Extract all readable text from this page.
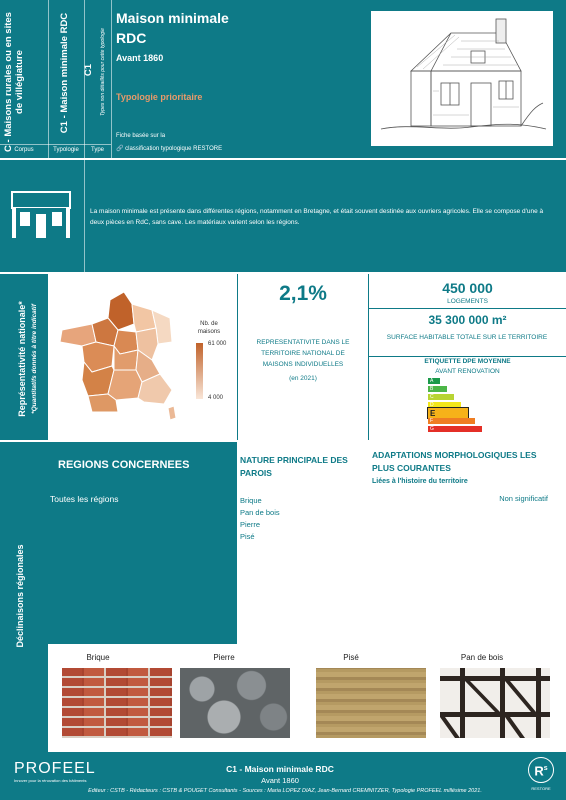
C - Maisons rurales ou en sites de villégiature	C1 - Maison minimale RDC	C1 Types non détaillés pour cette typologie
Corpus	Typologie	Type
Maison minimale
RDC
Avant 1860
Typologie prioritaire
Fiche basée sur la
🔗 classification typologique RESTORE
La maison minimale est présente dans différentes régions, notamment en Bretagne, et était souvent destinée aux ouvriers agricoles. Elle se compose d'une à deux pièces en RdC, sans cave. Les matériaux varient selon les régions.
Représentativité nationale* *Quantitatifs donnés à titre indicatif	Nb. de maisons
61 000
4 000
2,1%
REPRESENTATIVITE DANS LE TERRITOIRE NATIONAL DE MAISONS INDIVIDUELLES
(en 2021)
450 000
LOGEMENTS
35 300 000 m²
SURFACE HABITABLE TOTALE SUR LE TERRITOIRE
ETIQUETTE DPE MOYENNE
AVANT RENOVATION
A
B
C
D
E
F
G
Déclinaisons régionales
REGIONS CONCERNEES
Toutes les régions
NATURE PRINCIPALE DES PAROIS
Brique
Pan de bois
Pierre
Pisé
ADAPTATIONS MORPHOLOGIQUES LES PLUS COURANTES
Liées à l'histoire du territoire
Non significatif
Brique	Pierre	Pisé	Pan de bois
PROFEEL
Innover pour la rénovation des bâtiments
C1 - Maison minimale RDC
Avant 1860
Editeur : CSTB - Rédacteurs : CSTB & POUGET Consultants - Sources : Maria LOPEZ DIAZ, Jean-Bernard CREMNITZER, Typologie PROFEEL millésime 2021.
$R^s$
RESTORE
